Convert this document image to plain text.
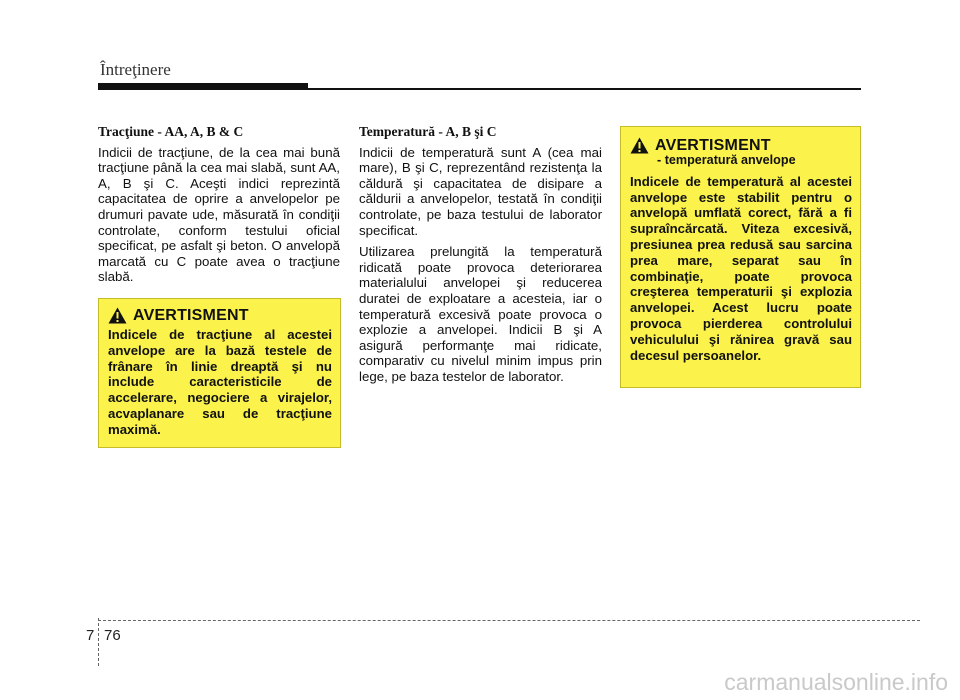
Întreţinere
Tracţiune - AA, A, B & C

Indicii de tracţiune, de la cea mai bună tracţiune până la cea mai slabă, sunt AA, A, B şi C. Aceşti indici reprezintă capacitatea de oprire a anvelopelor pe drumuri pavate ude, măsurată în condiţii controlate, conform testului oficial specificat, pe asfalt şi beton. O anvelopă marcată cu C poate avea o tracţiune slabă.

AVERTISMENT
Indicele de tracţiune al acestei anvelope are la bază testele de frânare în linie dreaptă şi nu include caracteristicile de accelerare, negociere a virajelor, acvaplanare sau de tracţiune maximă.
Temperatură - A, B şi C

Indicii de temperatură sunt A (cea mai mare), B şi C, reprezentând rezistenţa la căldură şi capacitatea de disipare a căldurii a anvelopelor, testată în condiţii controlate, pe baza testului de laborator specificat.

Utilizarea prelungită la temperatură ridicată poate provoca deteriorarea materialului anvelopei şi reducerea duratei de exploatare a acesteia, iar o temperatură excesivă poate provoca o explozie a anvelopei. Indicii B şi A asigură performanţe mai ridicate, comparativ cu nivelul minim impus prin lege, pe baza testelor de laborator.

AVERTISMENT
- temperatură anvelope
Indicele de temperatură al acestei anvelope este stabilit pentru o anvelopă umflată corect, fără a fi supraîncărcată. Viteza excesivă, presiunea prea redusă sau sarcina prea mare, separat sau în combinaţie, poate provoca creşterea temperaturii şi explozia anvelopei. Acest lucru poate provoca pierderea controlului vehiculului şi rănirea gravă sau decesul persoanelor.
7 76
carmanualsonline.info
